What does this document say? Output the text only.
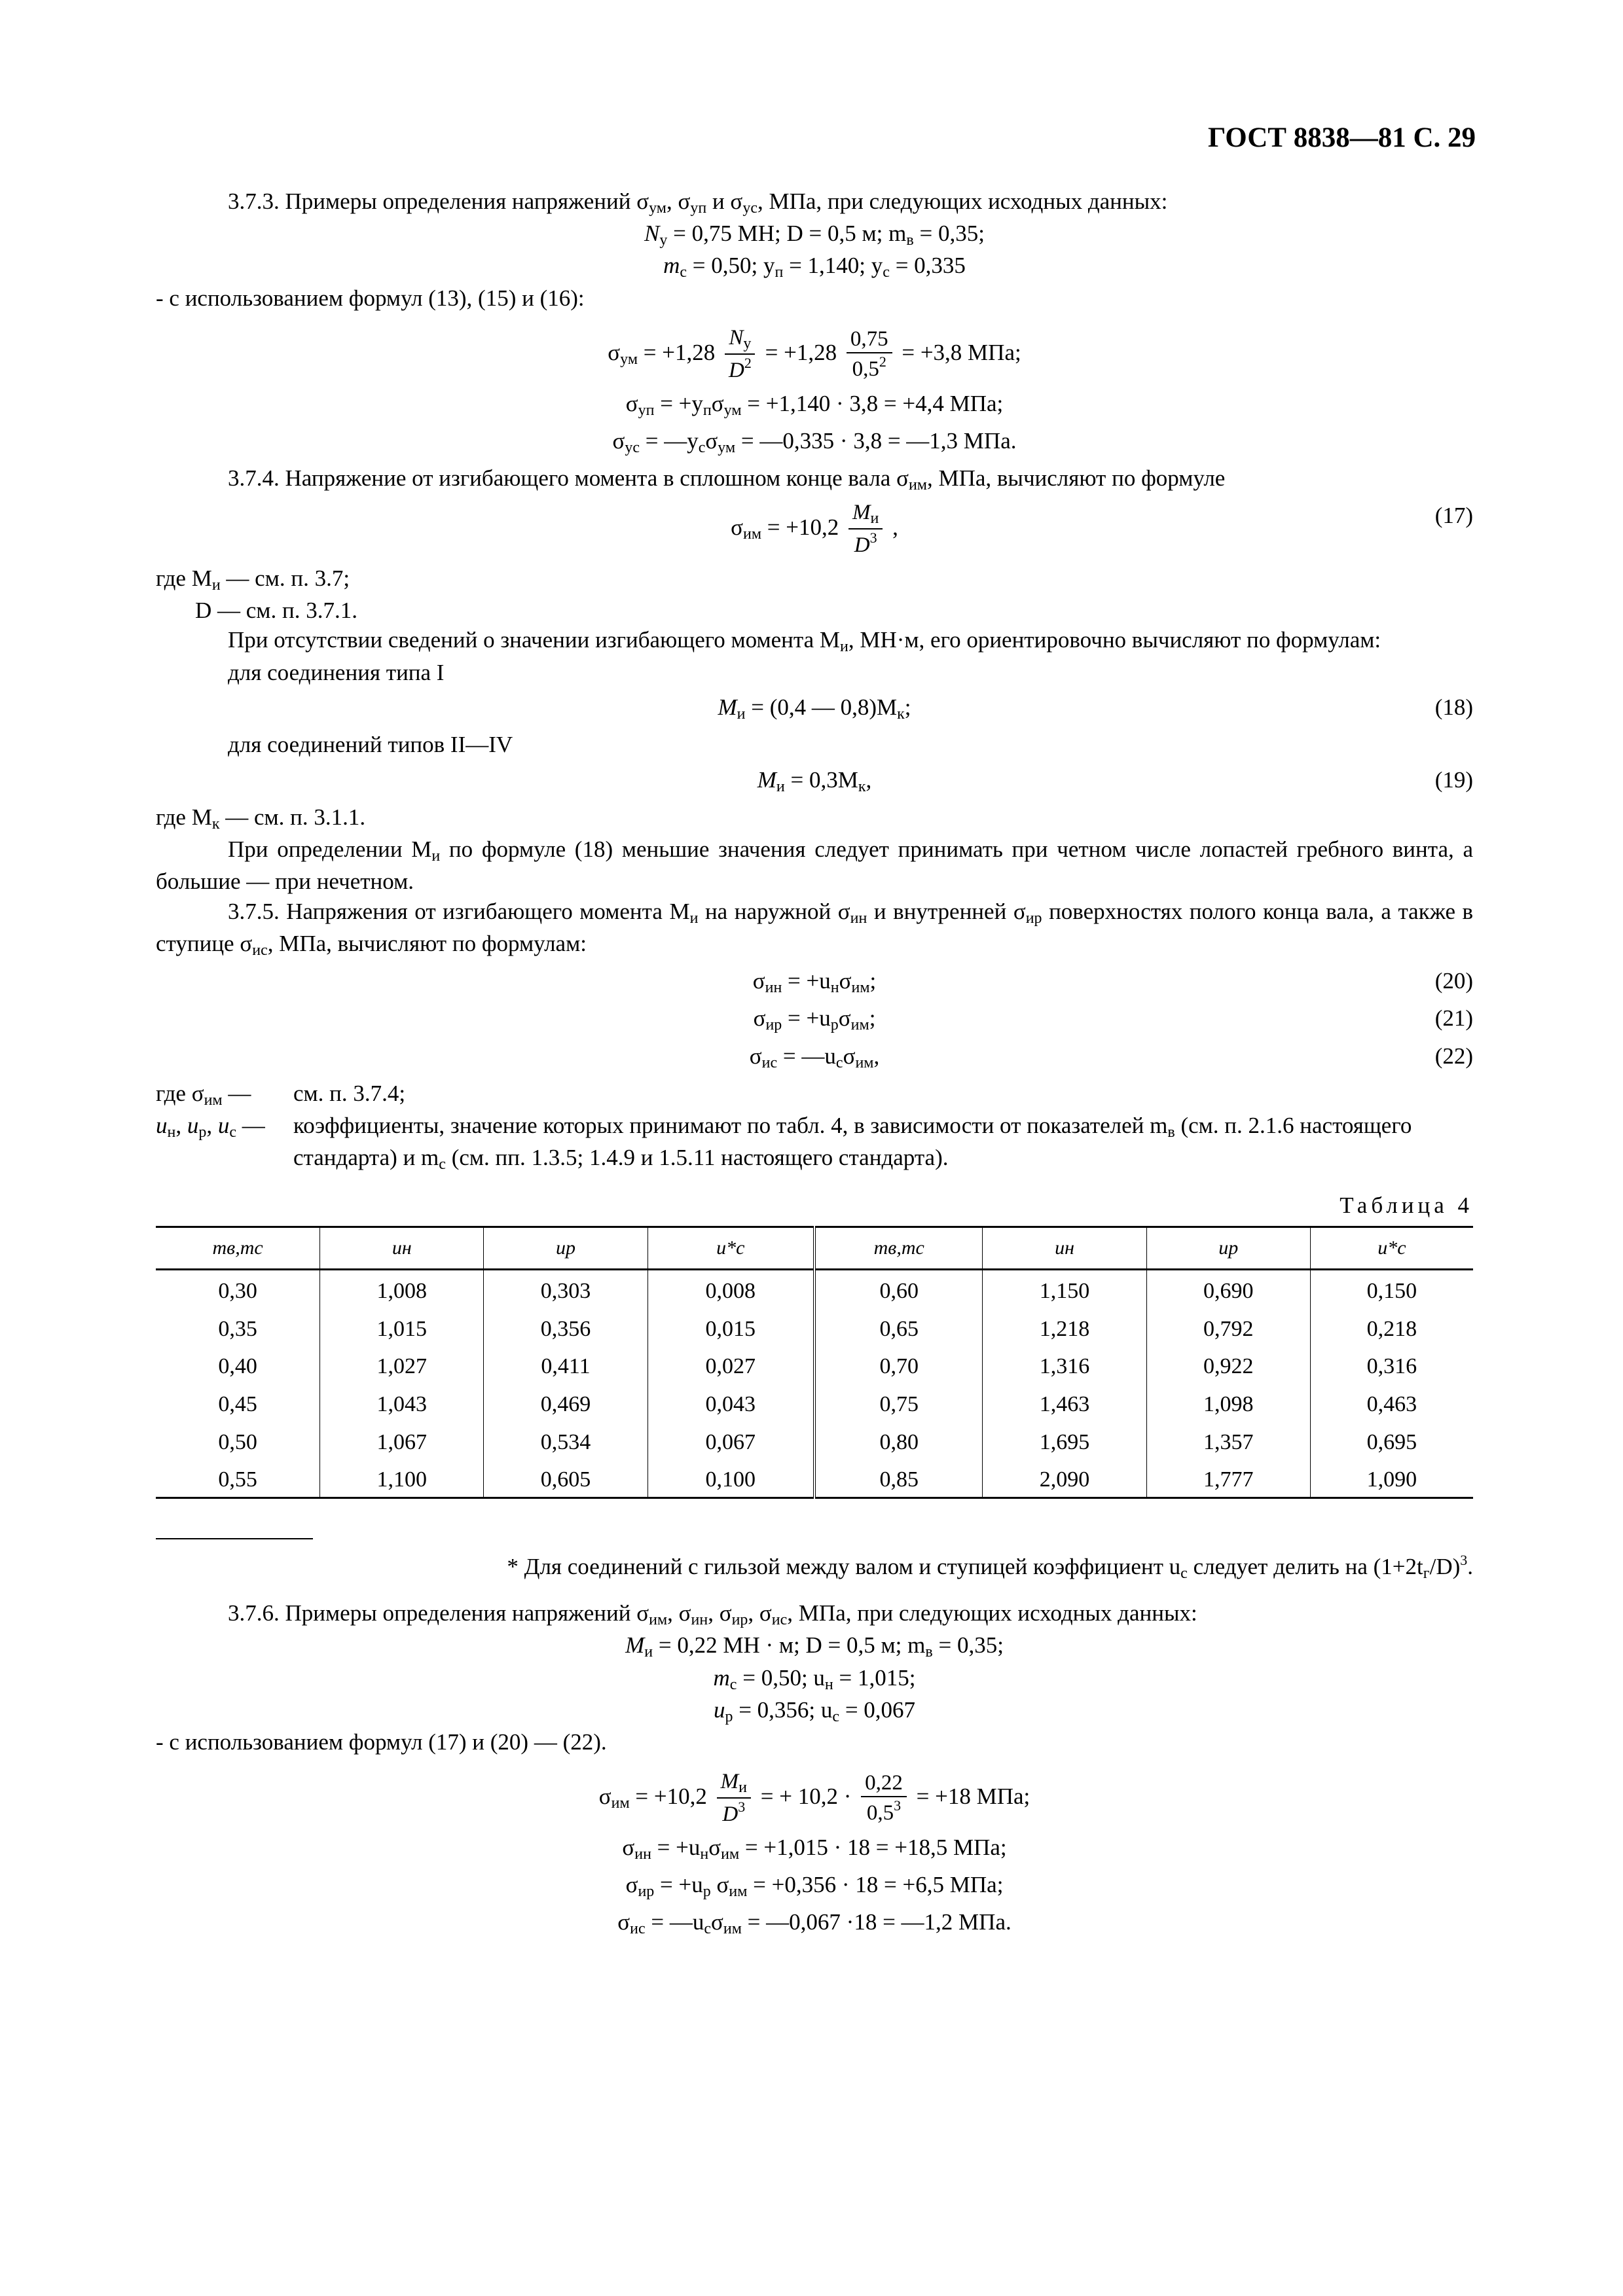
ГОСТ 8838—81 С. 29

3.7.3. Примеры определения напряжений $\sigma_{ум}$, $\sigma_{уп}$ и $\sigma_{ус}$, МПа, при следующих исходных данных:

$N_у = 0,75$ МН; D = 0,5 м; $m_в = 0,35$;
$m_c = 0,50$; $y_п = 1,140$; $y_с = 0,335$

- с использованием формул (13), (15) и (16):

$\sigma_{ум} = +1,28 \frac{N_у}{D^2} = +1,28 \frac{0,75}{0,5^2} = +3,8$ МПа;
$\sigma_{уп} = +y_п\sigma_{ум} = +1,140 \cdot 3,8 = +4,4$ МПа;
$\sigma_{ус}$ = $—y_с\sigma_{ум}$ = —0,335 · 3,8 = —1,3 МПа.

3.7.4. Напряжение от изгибающего момента в сплошном конце вала $\sigma_{им}$, МПа, вычисляют по формуле

$\sigma_{им} = +10,2 \frac{M_и}{D^3}$ ,	(17)

где $M_и$ — см. п. 3.7;

D — см. п. 3.7.1.

При отсутствии сведений о значении изгибающего момента $M_и$, МН·м, его ориентировочно вычисляют по формулам:

для соединения типа I

$M_и = (0,4$ — $0,8)M_к$;	(18)

для соединений типов II—IV

$M_и = 0,3M_к$,	(19)

где $M_к$ — см. п. 3.1.1.

При определении $M_и$ по формуле (18) меньшие значения следует принимать при четном числе лопастей гребного винта, а большие — при нечетном.

3.7.5. Напряжения от изгибающего момента $M_и$ на наружной $\sigma_{ин}$ и внутренней $\sigma_{ир}$ поверхностях полого конца вала, а также в ступице $\sigma_{ис}$, МПа, вычисляют по формулам:

$\sigma_{ин} = +u_н\sigma_{им}$;	(20)
$\sigma_{ир} = +u_р\sigma_{им}$;	(21)
$\sigma_{ис}$ = $—u_с\sigma_{им}$,	(22)
где $\sigma_{им}$ —	см. п. 3.7.4;
$u_н$, $u_р$, $u_с$ —	коэффициенты, значение которых принимают по табл. 4, в зависимости от показателей $m_в$ (см. п. 2.1.6 настоящего стандарта) и $m_с$ (см. пп. 1.3.5; 1.4.9 и 1.5.11 настоящего стандарта).
Таблица 4
mв,mс	uн	uр	u*с	mв,mс	uн	uр	u*с
0,30	1,008	0,303	0,008	0,60	1,150	0,690	0,150
0,35	1,015	0,356	0,015	0,65	1,218	0,792	0,218
0,40	1,027	0,411	0,027	0,70	1,316	0,922	0,316
0,45	1,043	0,469	0,043	0,75	1,463	1,098	0,463
0,50	1,067	0,534	0,067	0,80	1,695	1,357	0,695
0,55	1,100	0,605	0,100	0,85	2,090	1,777	1,090

* Для соединений с гильзой между валом и ступицей коэффициент $u_с$ следует делить на $(1+2t_г/D)^3$.

3.7.6. Примеры определения напряжений $\sigma_{им}$, $\sigma_{ин}$, $\sigma_{ир}$, $\sigma_{ис}$, МПа, при следующих исходных данных:

$M_и = 0,22$ МН · м; D = 0,5 м; $m_в = 0,35$;
$m_c = 0,50$; $u_н = 1,015$;
$u_р = 0,356$; $u_с = 0,067$

- с использованием формул (17) и (20) — (22).

$\sigma_{им} = +10,2 \frac{M_и}{D^3}$ = + $10,2 \cdot \frac{0,22}{0,5^3} = +18$ МПа;
$\sigma_{ин} = +u_н\sigma_{им} = +1,015 \cdot 18 = +18,5$ МПа;
$\sigma_{ир} = +u_р$ $\sigma_{им} = +0,356 \cdot 18 = +6,5$ МПа;
$\sigma_{ис}$ = $—u_с\sigma_{им}$ = —0,067 ·18 = —1,2 МПа.
